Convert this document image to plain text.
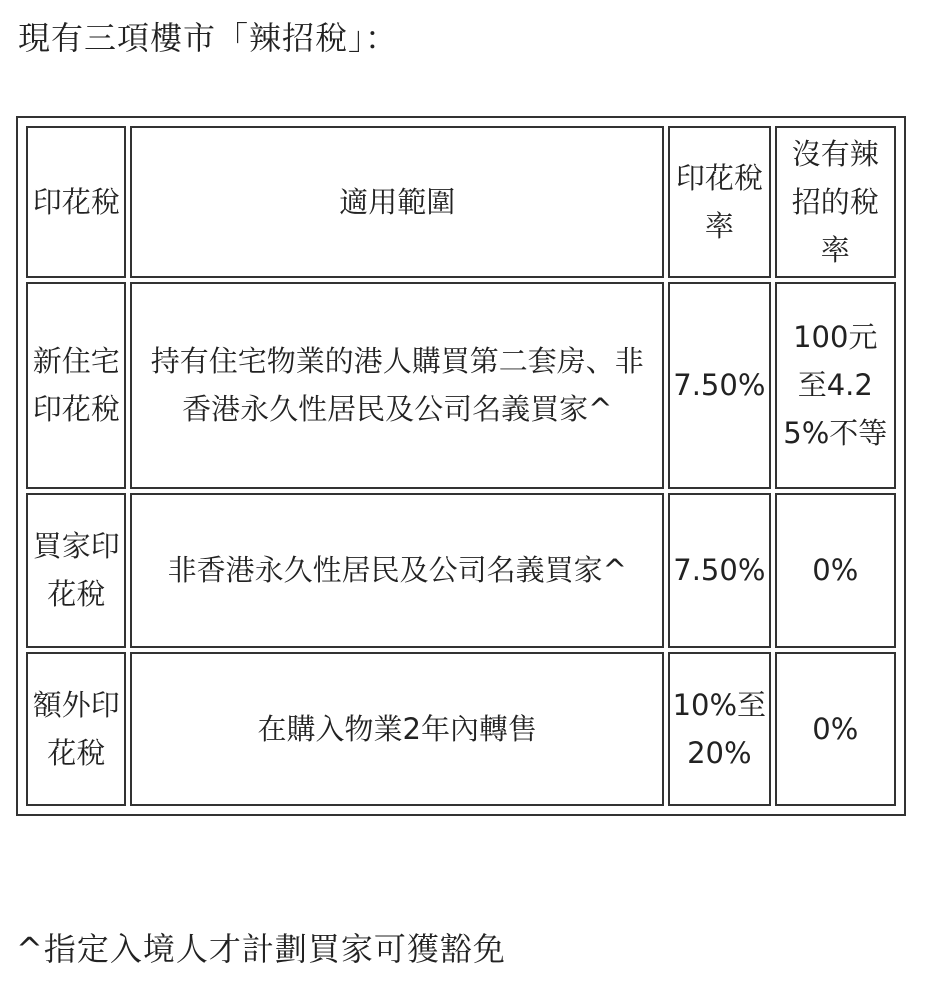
現有三項樓市「辣招稅」：
印花稅	適用範圍	印花稅率	沒有辣招的稅率
新住宅印花稅	持有住宅物業的港人購買第二套房、非香港永久性居民及公司名義買家^	7.50%	100元至4.25%不等
買家印花稅	非香港永久性居民及公司名義買家^	7.50%	0%
額外印花稅	在購入物業2年內轉售	10%至20%	0%
^指定入境人才計劃買家可獲豁免
